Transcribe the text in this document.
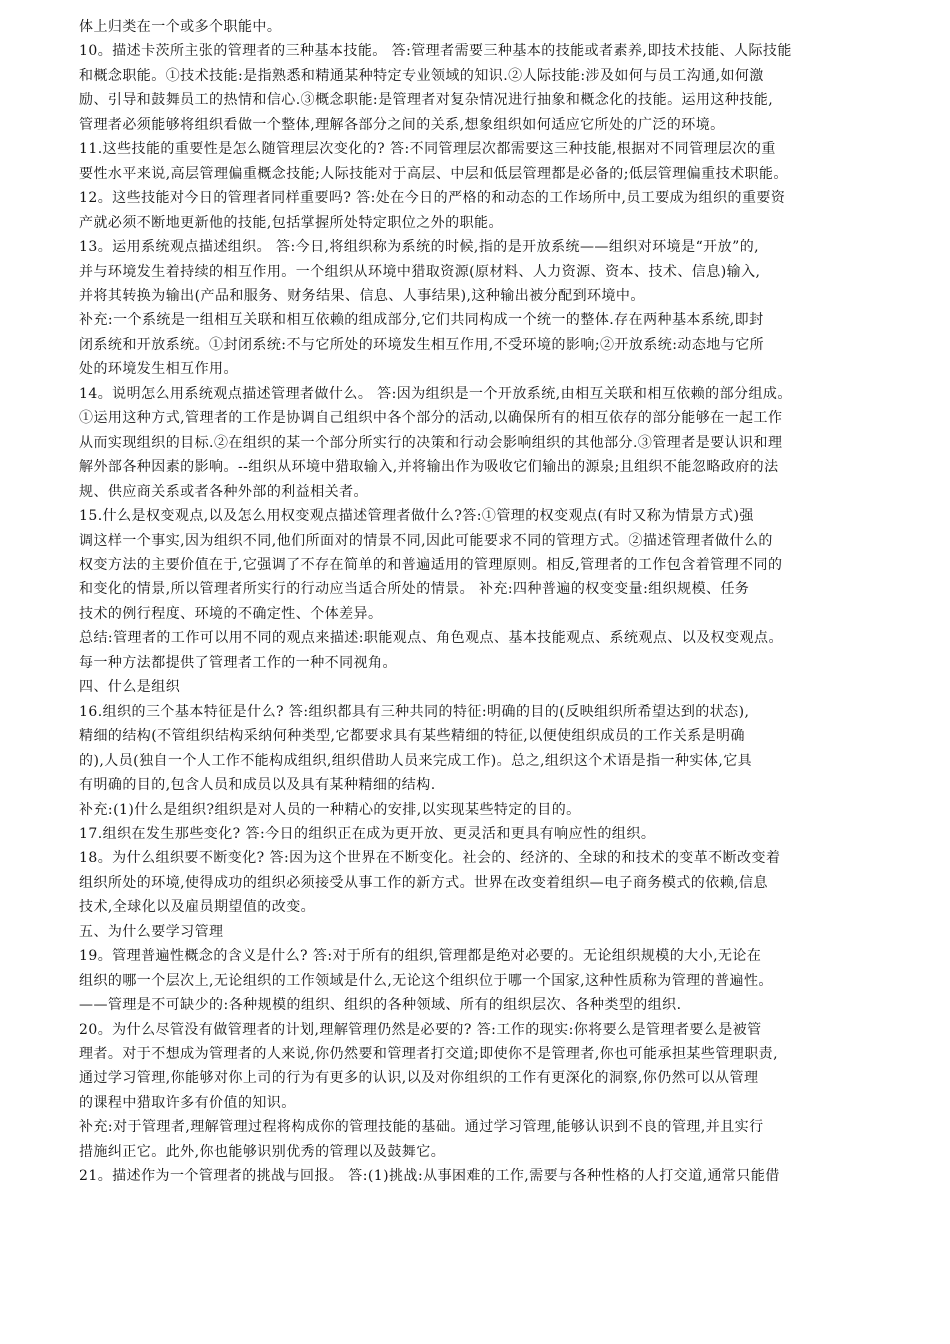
体上归类在一个或多个职能中。
10。描述卡茨所主张的管理者的三种基本技能。 答:管理者需要三种基本的技能或者素养,即技术技能、人际技能
和概念职能。①技术技能:是指熟悉和精通某种特定专业领域的知识.②人际技能:涉及如何与员工沟通,如何激
励、引导和鼓舞员工的热情和信心.③概念职能:是管理者对复杂情况进行抽象和概念化的技能。运用这种技能,
管理者必须能够将组织看做一个整体,理解各部分之间的关系,想象组织如何适应它所处的广泛的环境。
11.这些技能的重要性是怎么随管理层次变化的? 答:不同管理层次都需要这三种技能,根据对不同管理层次的重
要性水平来说,高层管理偏重概念技能;人际技能对于高层、中层和低层管理都是必备的;低层管理偏重技术职能。
12。这些技能对今日的管理者同样重要吗? 答:处在今日的严格的和动态的工作场所中,员工要成为组织的重要资
产就必须不断地更新他的技能,包括掌握所处特定职位之外的职能。
13。运用系统观点描述组织。 答:今日,将组织称为系统的时候,指的是开放系统——组织对环境是“开放”的,
并与环境发生着持续的相互作用。一个组织从环境中猎取资源(原材料、人力资源、资本、技术、信息)输入,
并将其转换为输出(产品和服务、财务结果、信息、人事结果),这种输出被分配到环境中。
补充:一个系统是一组相互关联和相互依赖的组成部分,它们共同构成一个统一的整体.存在两种基本系统,即封
闭系统和开放系统。①封闭系统:不与它所处的环境发生相互作用,不受环境的影响;②开放系统:动态地与它所
处的环境发生相互作用。
14。说明怎么用系统观点描述管理者做什么。 答:因为组织是一个开放系统,由相互关联和相互依赖的部分组成。
①运用这种方式,管理者的工作是协调自己组织中各个部分的活动,以确保所有的相互依存的部分能够在一起工作
从而实现组织的目标.②在组织的某一个部分所实行的决策和行动会影响组织的其他部分.③管理者是要认识和理
解外部各种因素的影响。--组织从环境中猎取输入,并将输出作为吸收它们输出的源泉;且组织不能忽略政府的法
规、供应商关系或者各种外部的利益相关者。
15.什么是权变观点,以及怎么用权变观点描述管理者做什么?答:①管理的权变观点(有时又称为情景方式)强
调这样一个事实,因为组织不同,他们所面对的情景不同,因此可能要求不同的管理方式。②描述管理者做什么的
权变方法的主要价值在于,它强调了不存在简单的和普遍适用的管理原则。相反,管理者的工作包含着管理不同的
和变化的情景,所以管理者所实行的行动应当适合所处的情景。 补充:四种普遍的权变变量:组织规模、任务
技术的例行程度、环境的不确定性、个体差异。
总结:管理者的工作可以用不同的观点来描述:职能观点、角色观点、基本技能观点、系统观点、以及权变观点。
每一种方法都提供了管理者工作的一种不同视角。
四、什么是组织
16.组织的三个基本特征是什么? 答:组织都具有三种共同的特征:明确的目的(反映组织所希望达到的状态),
精细的结构(不管组织结构采纳何种类型,它都要求具有某些精细的特征,以便使组织成员的工作关系是明确
的),人员(独自一个人工作不能构成组织,组织借助人员来完成工作)。总之,组织这个术语是指一种实体,它具
有明确的目的,包含人员和成员以及具有某种精细的结构.
补充:(1)什么是组织?组织是对人员的一种精心的安排,以实现某些特定的目的。
17.组织在发生那些变化? 答:今日的组织正在成为更开放、更灵活和更具有响应性的组织。
18。为什么组织要不断变化? 答:因为这个世界在不断变化。社会的、经济的、全球的和技术的变革不断改变着
组织所处的环境,使得成功的组织必须接受从事工作的新方式。世界在改变着组织—电子商务模式的依赖,信息
技术,全球化以及雇员期望值的改变。
五、为什么要学习管理
19。管理普遍性概念的含义是什么? 答:对于所有的组织,管理都是绝对必要的。无论组织规模的大小,无论在
组织的哪一个层次上,无论组织的工作领域是什么,无论这个组织位于哪一个国家,这种性质称为管理的普遍性。
——管理是不可缺少的:各种规模的组织、组织的各种领域、所有的组织层次、各种类型的组织.
20。为什么尽管没有做管理者的计划,理解管理仍然是必要的? 答:工作的现实:你将要么是管理者要么是被管
理者。对于不想成为管理者的人来说,你仍然要和管理者打交道;即使你不是管理者,你也可能承担某些管理职责,
通过学习管理,你能够对你上司的行为有更多的认识,以及对你组织的工作有更深化的洞察,你仍然可以从管理
的课程中猎取许多有价值的知识。
补充:对于管理者,理解管理过程将构成你的管理技能的基础。通过学习管理,能够认识到不良的管理,并且实行
措施纠正它。此外,你也能够识别优秀的管理以及鼓舞它。
21。描述作为一个管理者的挑战与回报。 答:(1)挑战:从事困难的工作,需要与各种性格的人打交道,通常只能借
